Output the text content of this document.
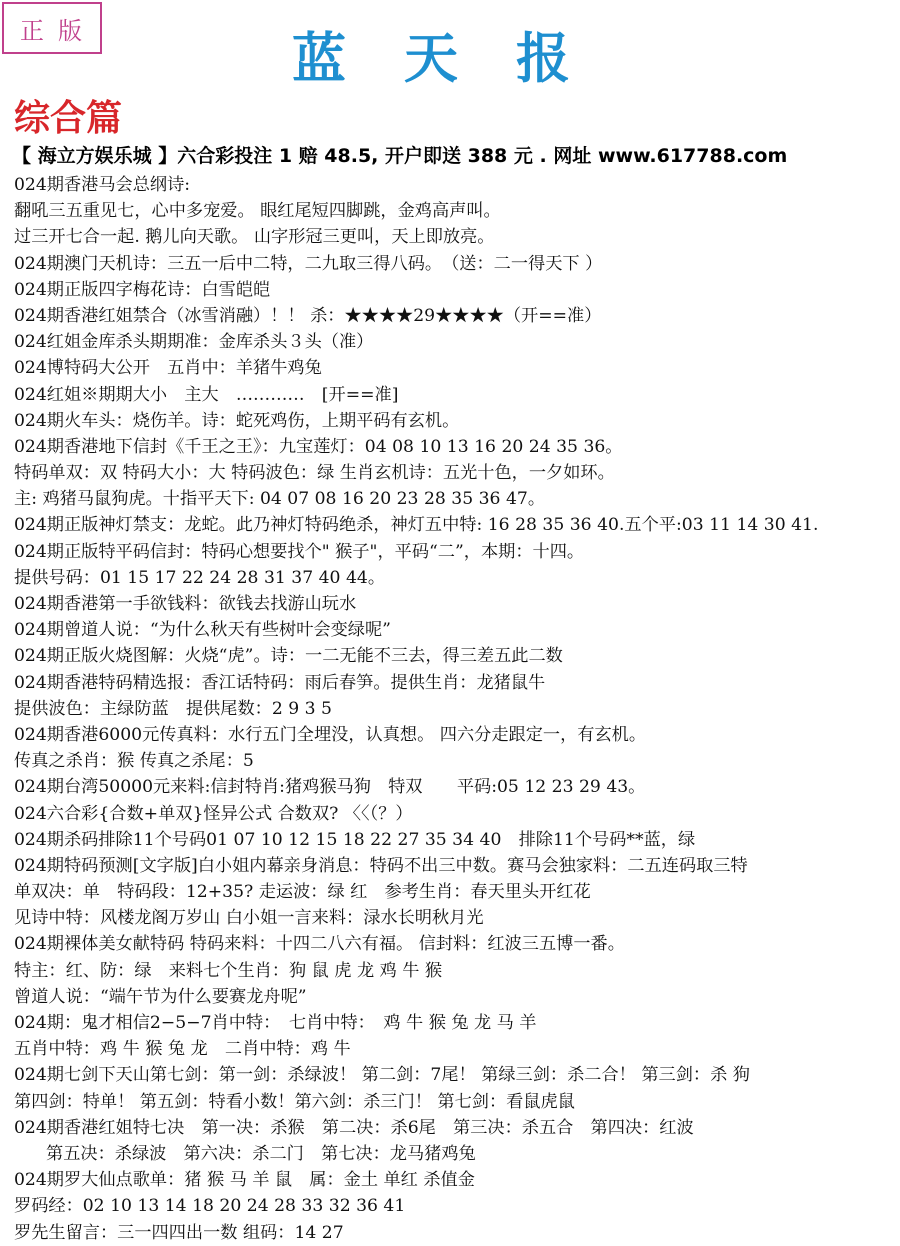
正版	蓝天报
综合篇
【 海立方娱乐城 】六合彩投注 1 赔 48.5, 开户即送 388 元 . 网址 www.617788.com
024期香港马会总纲诗:
翻吼三五重见七，心中多宠爱。 眼红尾短四脚跳，金鸡高声叫。
过三开七合一起. 鹅儿向天歌。 山字形冠三更叫，天上即放亮。
024期澳门天机诗：三五一后中二特，二九取三得八码。　（送：二一得天下 ）
024期正版四字梅花诗：白雪皑皑
024期香港红姐禁合（冰雪消融）！！ 杀：★★★★29★★★★（开==准）
024红姐金库杀头期期准：金库杀头３头（准）
024博特码大公开　五肖中：羊猪牛鸡兔
024红姐※期期大小　主大　…………　[开==准]
024期火车头：烧伤羊。诗：蛇死鸡伤，上期平码有玄机。
024期香港地下信封《千王之王》：九宝莲灯：04 08 10 13 16 20 24 35 36。
特码单双：双 特码大小：大 特码波色：绿 生肖玄机诗：五光十色，一夕如环。
主: 鸡猪马鼠狗虎。十指平天下: 04 07 08 16 20 23 28 35 36 47。
024期正版神灯禁支：龙蛇。此乃神灯特码绝杀，神灯五中特: 16 28 35 36 40.五个平:03 11 14 30 41.
024期正版特平码信封：特码心想要找个" 猴子"，平码“二”，本期：十四。
提供号码：01 15 17 22 24 28 31 37 40 44。
024期香港第一手欲钱料：欲钱去找游山玩水
024期曾道人说：“为什么秋天有些树叶会变绿呢”
024期正版火烧图解：火烧“虎”。诗：一二无能不三去，得三差五此二数
024期香港特码精选报：香江话特码：雨后春笋。提供生肖：龙猪鼠牛
提供波色：主绿防蓝　提供尾数：2 9 3 5
024期香港6000元传真料：水行五门全埋没，认真想。 四六分走跟定一，有玄机。
传真之杀肖：猴 传真之杀尾：5
024期台湾50000元来料:信封特肖:猪鸡猴马狗　特双　　平码:05 12 23 29 43。
024六合彩{合数+单双}怪异公式 合数双? 〈〈（？）
024期杀码排除11个号码01 07 10 12 15 18 22 27 35 34 40　排除11个号码**蓝，绿
024期特码预测[文字版]白小姐内幕亲身消息：特码不出三中数。赛马会独家料：二五连码取三特
单双决：单　特码段：12+35? 走运波：绿 红　参考生肖：春天里头开红花
见诗中特：风楼龙阁万岁山 白小姐一言来料：渌水长明秋月光
024期裸体美女献特码 特码来料：十四二八六有福。 信封料：红波三五博一番。
特主：红、防：绿　来料七个生肖：狗 鼠 虎 龙 鸡 牛 猴
曾道人说：“端午节为什么要赛龙舟呢”
024期：鬼才相信2−5−7肖中特：　七肖中特：　鸡 牛 猴 兔 龙 马 羊
五肖中特：鸡 牛 猴 兔 龙　二肖中特：鸡 牛
024期七剑下天山第七剑：第一剑：杀绿波！ 第二剑：7尾！ 第绿三剑：杀二合！ 第三剑：杀 狗
第四剑：特单！ 第五剑：特看小数！第六剑：杀三门！ 第七剑：看鼠虎鼠
024期香港红姐特七决　第一决：杀猴　第二决：杀6尾　第三决：杀五合　第四决：红波
第五决：杀绿波　第六决：杀二门　第七决：龙马猪鸡兔
024期罗大仙点歌单：猪 猴 马 羊 鼠　属：金土 单红 杀值金
罗码经：02 10 13 14 18 20 24 28 33 32 36 41
罗先生留言：三一四四出一数 组码：14 27
